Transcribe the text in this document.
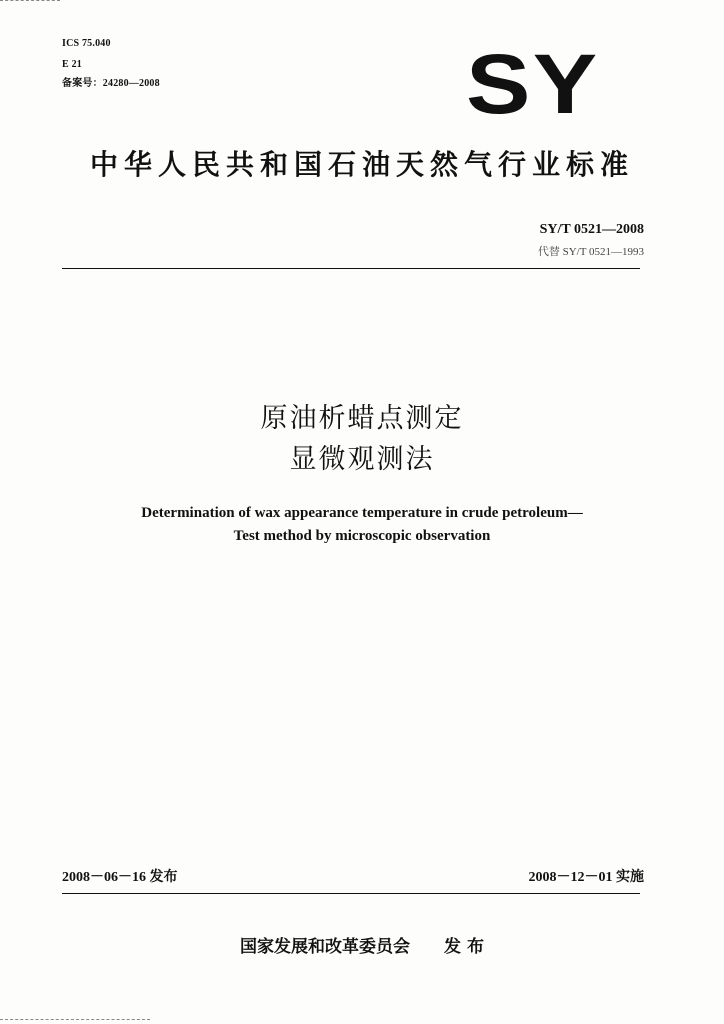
ICS 75.040
E 21
备案号：24280—2008	SY
中华人民共和国石油天然气行业标准
SY/T 0521—2008
代替 SY/T 0521—1993
原油析蜡点测定
显微观测法
Determination of wax appearance temperature in crude petroleum—
Test method by microscopic observation
2008－06－16 发布	2008－12－01 实施
国家发展和改革委员会 发 布
